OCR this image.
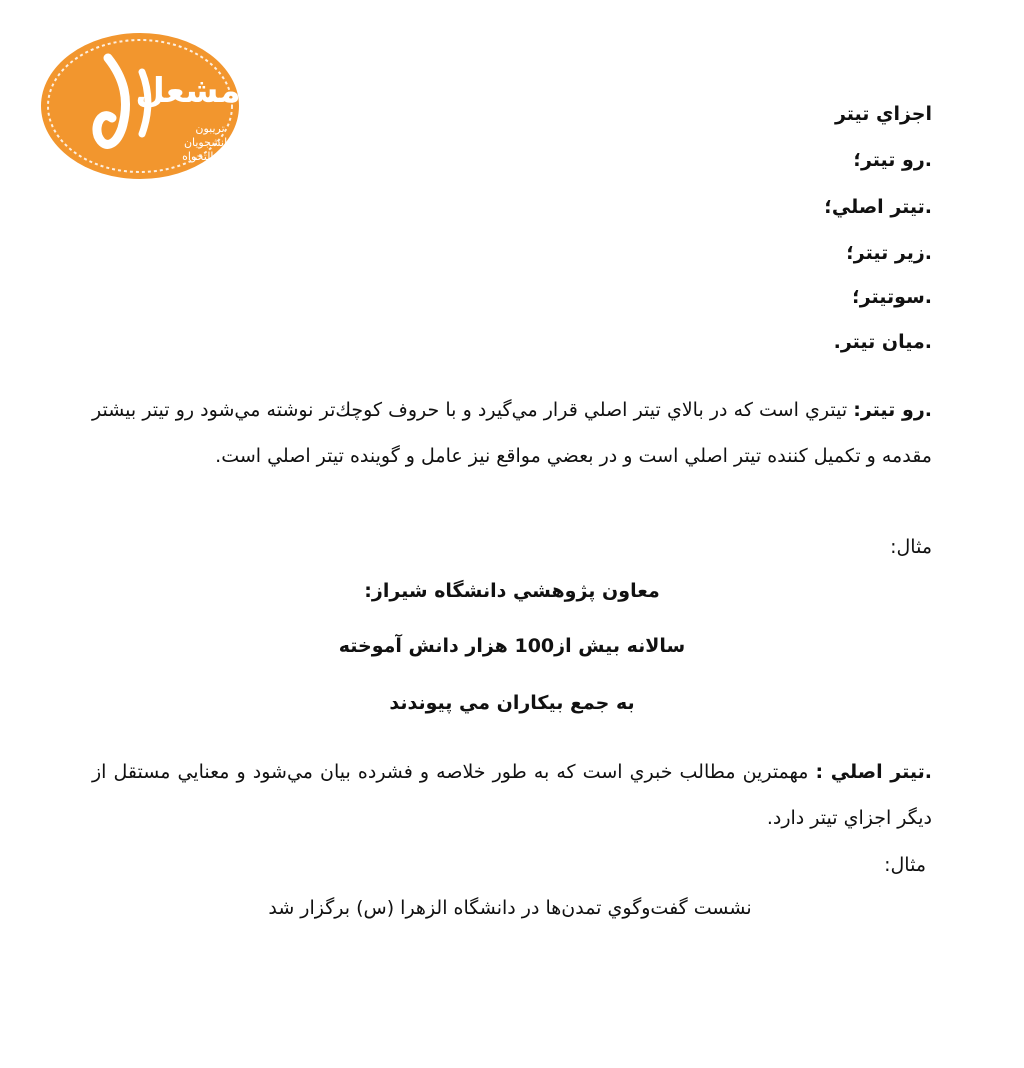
مشعل
تریبون
دانشجویان
عدالتخواه
اجزاي تيتر
.رو تيتر؛
.تيتر اصلي؛
.زير تيتر؛
.سوتيتر؛
.ميان تيتر.
.رو تيتر: تيتري است كه در بالاي تيتر اصلي قرار مي‌گيرد و با حروف كوچك‌تر نوشته مي‌شود رو تيتر بيشتر مقدمه و تكميل كننده تيتر اصلي است و در بعضي مواقع نيز عامل و گوينده تيتر اصلي است.
مثال:
معاون پژوهشي دانشگاه شيراز:
سالانه بيش از100 هزار دانش آموخته
به جمع بيكاران مي پيوندند
.تيتر اصلي : مهمترين مطالب خبري است كه به طور خلاصه و فشرده بيان مي‌شود و معنايي مستقل از ديگر اجزاي تيتر دارد.
مثال:
نشست گفت‌وگوي تمدن‌ها در دانشگاه الزهرا (س) برگزار شد
